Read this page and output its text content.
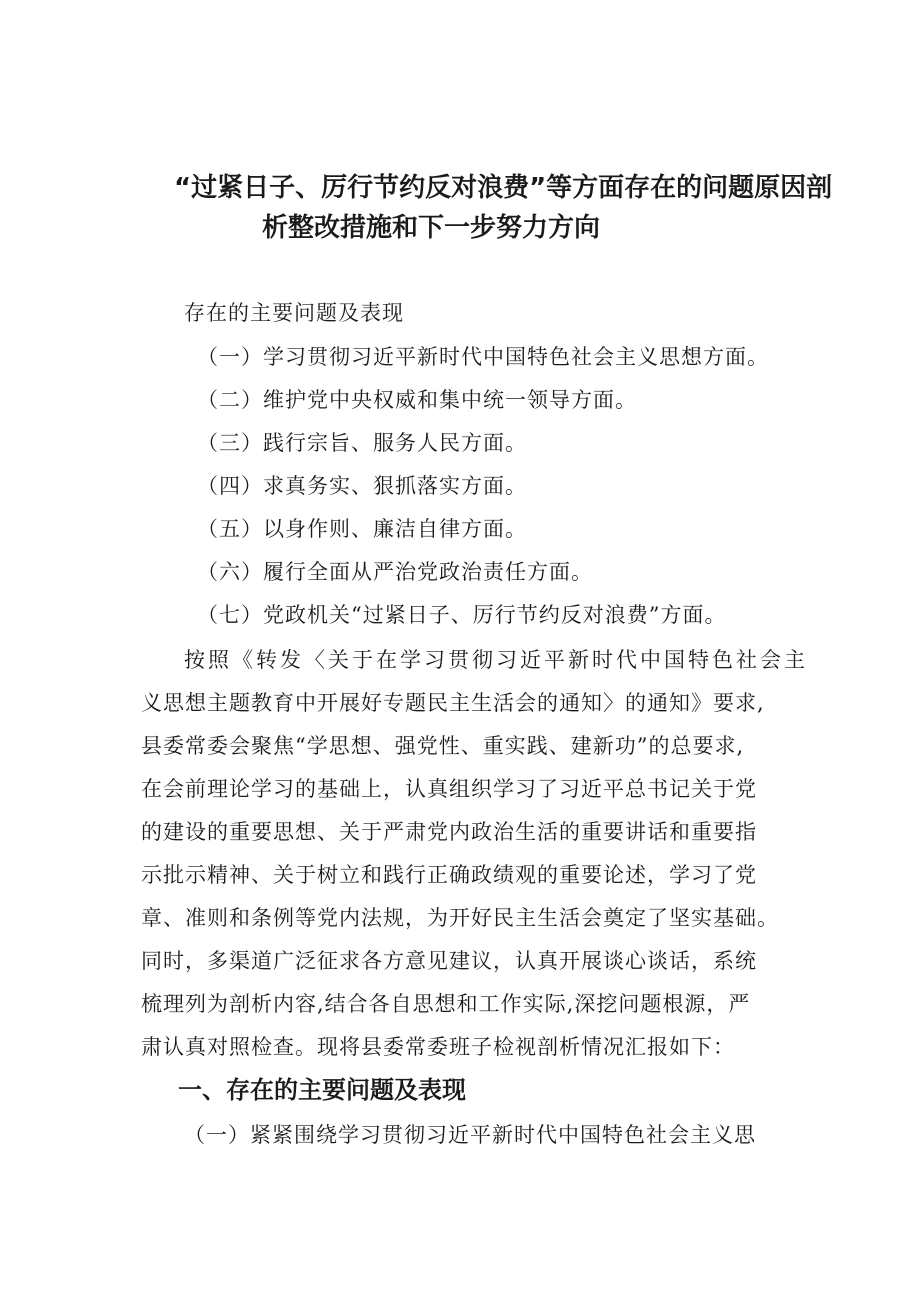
“过紧日子、厉行节约反对浪费”等方面存在的问题原因剖
析整改措施和下一步努力方向
存在的主要问题及表现
（一）学习贯彻习近平新时代中国特色社会主义思想方面。
（二）维护党中央权威和集中统一领导方面。
（三）践行宗旨、服务人民方面。
（四）求真务实、狠抓落实方面。
（五）以身作则、廉洁自律方面。
（六）履行全面从严治党政治责任方面。
（七）党政机关“过紧日子、厉行节约反对浪费”方面。
按照《转发〈关于在学习贯彻习近平新时代中国特色社会主
义思想主题教育中开展好专题民主生活会的通知〉的通知》要求,
县委常委会聚焦“学思想、强党性、重实践、建新功”的总要求,
在会前理论学习的基础上，认真组织学习了习近平总书记关于党
的建设的重要思想、关于严肃党内政治生活的重要讲话和重要指
示批示精神、关于树立和践行正确政绩观的重要论述，学习了党
章、准则和条例等党内法规，为开好民主生活会奠定了坚实基础。
同时，多渠道广泛征求各方意见建议，认真开展谈心谈话，系统
梳理列为剖析内容,结合各自思想和工作实际,深挖问题根源，严
肃认真对照检查。现将县委常委班子检视剖析情况汇报如下：
一、存在的主要问题及表现
（一）紧紧围绕学习贯彻习近平新时代中国特色社会主义思
